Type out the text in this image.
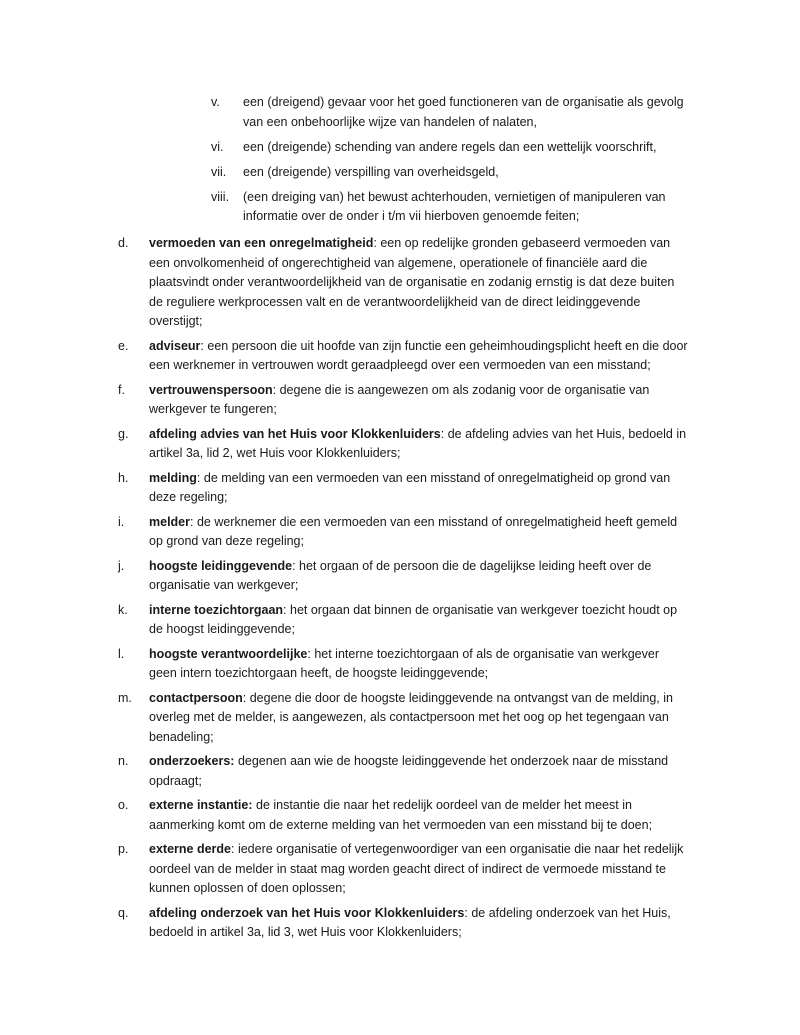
v.	een (dreigend) gevaar voor het goed functioneren van de organisatie als gevolg van een onbehoorlijke wijze van handelen of nalaten,
vi.	een (dreigende) schending van andere regels dan een wettelijk voorschrift,
vii.	een (dreigende) verspilling van overheidsgeld,
viii.	(een dreiging van) het bewust achterhouden, vernietigen of manipuleren van informatie over de onder i t/m vii hierboven genoemde feiten;
d.	vermoeden van een onregelmatigheid: een op redelijke gronden gebaseerd vermoeden van een onvolkomenheid of ongerechtigheid van algemene, operationele of financiële aard die plaatsvindt onder verantwoordelijkheid van de organisatie en zodanig ernstig is dat deze buiten de reguliere werkprocessen valt en de verantwoordelijkheid van de direct leidinggevende overstijgt;
e.	adviseur: een persoon die uit hoofde van zijn functie een geheimhoudingsplicht heeft en die door een werknemer in vertrouwen wordt geraadpleegd over een vermoeden van een misstand;
f.	vertrouwenspersoon: degene die is aangewezen om als zodanig voor de organisatie van werkgever te fungeren;
g.	afdeling advies van het Huis voor Klokkenluiders: de afdeling advies van het Huis, bedoeld in artikel 3a, lid 2, wet Huis voor Klokkenluiders;
h.	melding: de melding van een vermoeden van een misstand of onregelmatigheid op grond van deze regeling;
i.	melder: de werknemer die een vermoeden van een misstand of onregelmatigheid heeft gemeld op grond van deze regeling;
j.	hoogste leidinggevende: het orgaan of de persoon die de dagelijkse leiding heeft over de organisatie van werkgever;
k.	interne toezichtorgaan: het orgaan dat binnen de organisatie van werkgever toezicht houdt op de hoogst leidinggevende;
l.	hoogste verantwoordelijke: het interne toezichtorgaan of als de organisatie van werkgever geen intern toezichtorgaan heeft, de hoogste leidinggevende;
m.	contactpersoon: degene die door de hoogste leidinggevende na ontvangst van de melding, in overleg met de melder, is aangewezen, als contactpersoon met het oog op het tegengaan van benadeling;
n.	onderzoekers: degenen aan wie de hoogste leidinggevende het onderzoek naar de misstand opdraagt;
o.	externe instantie: de instantie die naar het redelijk oordeel van de melder het meest in aanmerking komt om de externe melding van het vermoeden van een misstand bij te doen;
p.	externe derde: iedere organisatie of vertegenwoordiger van een organisatie die naar het redelijk oordeel van de melder in staat mag worden geacht direct of indirect de vermoede misstand te kunnen oplossen of doen oplossen;
q.	afdeling onderzoek van het Huis voor Klokkenluiders: de afdeling onderzoek van het Huis, bedoeld in artikel 3a, lid 3, wet Huis voor Klokkenluiders;
